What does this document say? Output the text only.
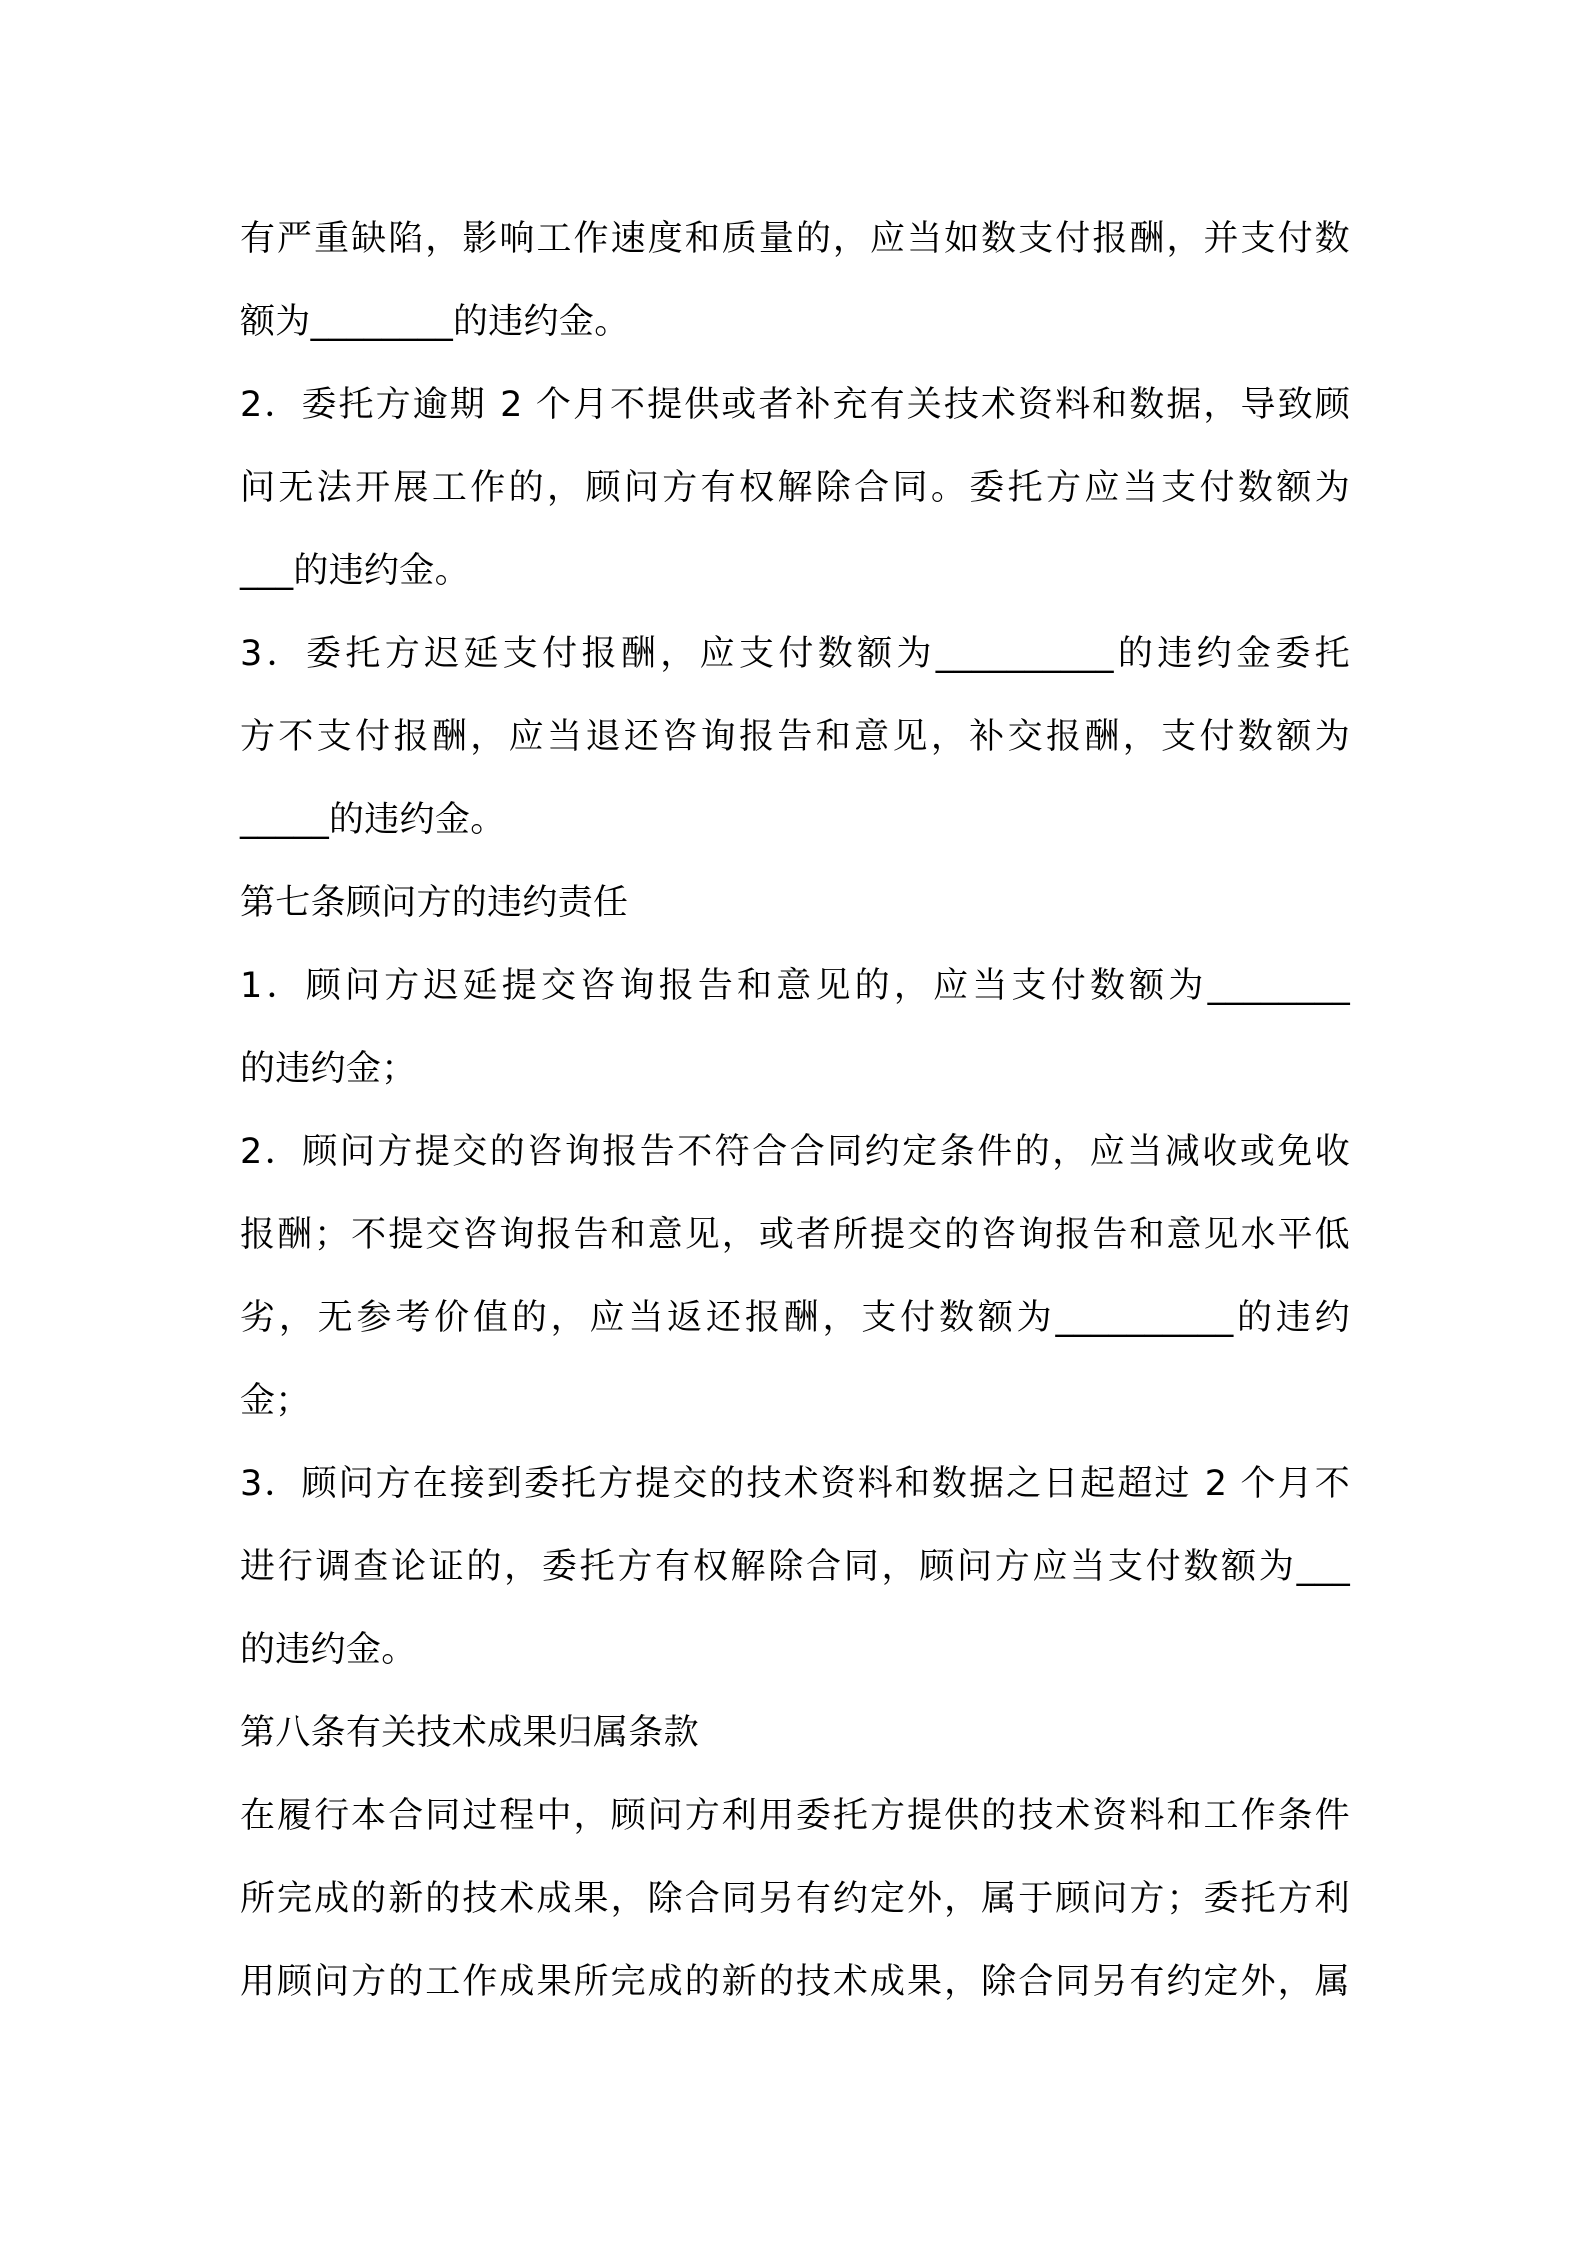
有严重缺陷，影响工作速度和质量的，应当如数支付报酬，并支付数
额为________的违约金。
2．委托方逾期 2 个月不提供或者补充有关技术资料和数据，导致顾
问无法开展工作的，顾问方有权解除合同。委托方应当支付数额为
___的违约金。
3．委托方迟延支付报酬，应支付数额为__________的违约金委托
方不支付报酬，应当退还咨询报告和意见，补交报酬，支付数额为
_____的违约金。
第七条顾问方的违约责任
1．顾问方迟延提交咨询报告和意见的，应当支付数额为________
的违约金；
2．顾问方提交的咨询报告不符合合同约定条件的，应当减收或免收
报酬；不提交咨询报告和意见，或者所提交的咨询报告和意见水平低
劣，无参考价值的，应当返还报酬，支付数额为__________的违约
金；
3．顾问方在接到委托方提交的技术资料和数据之日起超过 2 个月不
进行调查论证的，委托方有权解除合同，顾问方应当支付数额为___
的违约金。
第八条有关技术成果归属条款
在履行本合同过程中，顾问方利用委托方提供的技术资料和工作条件
所完成的新的技术成果，除合同另有约定外，属于顾问方；委托方利
用顾问方的工作成果所完成的新的技术成果，除合同另有约定外，属
